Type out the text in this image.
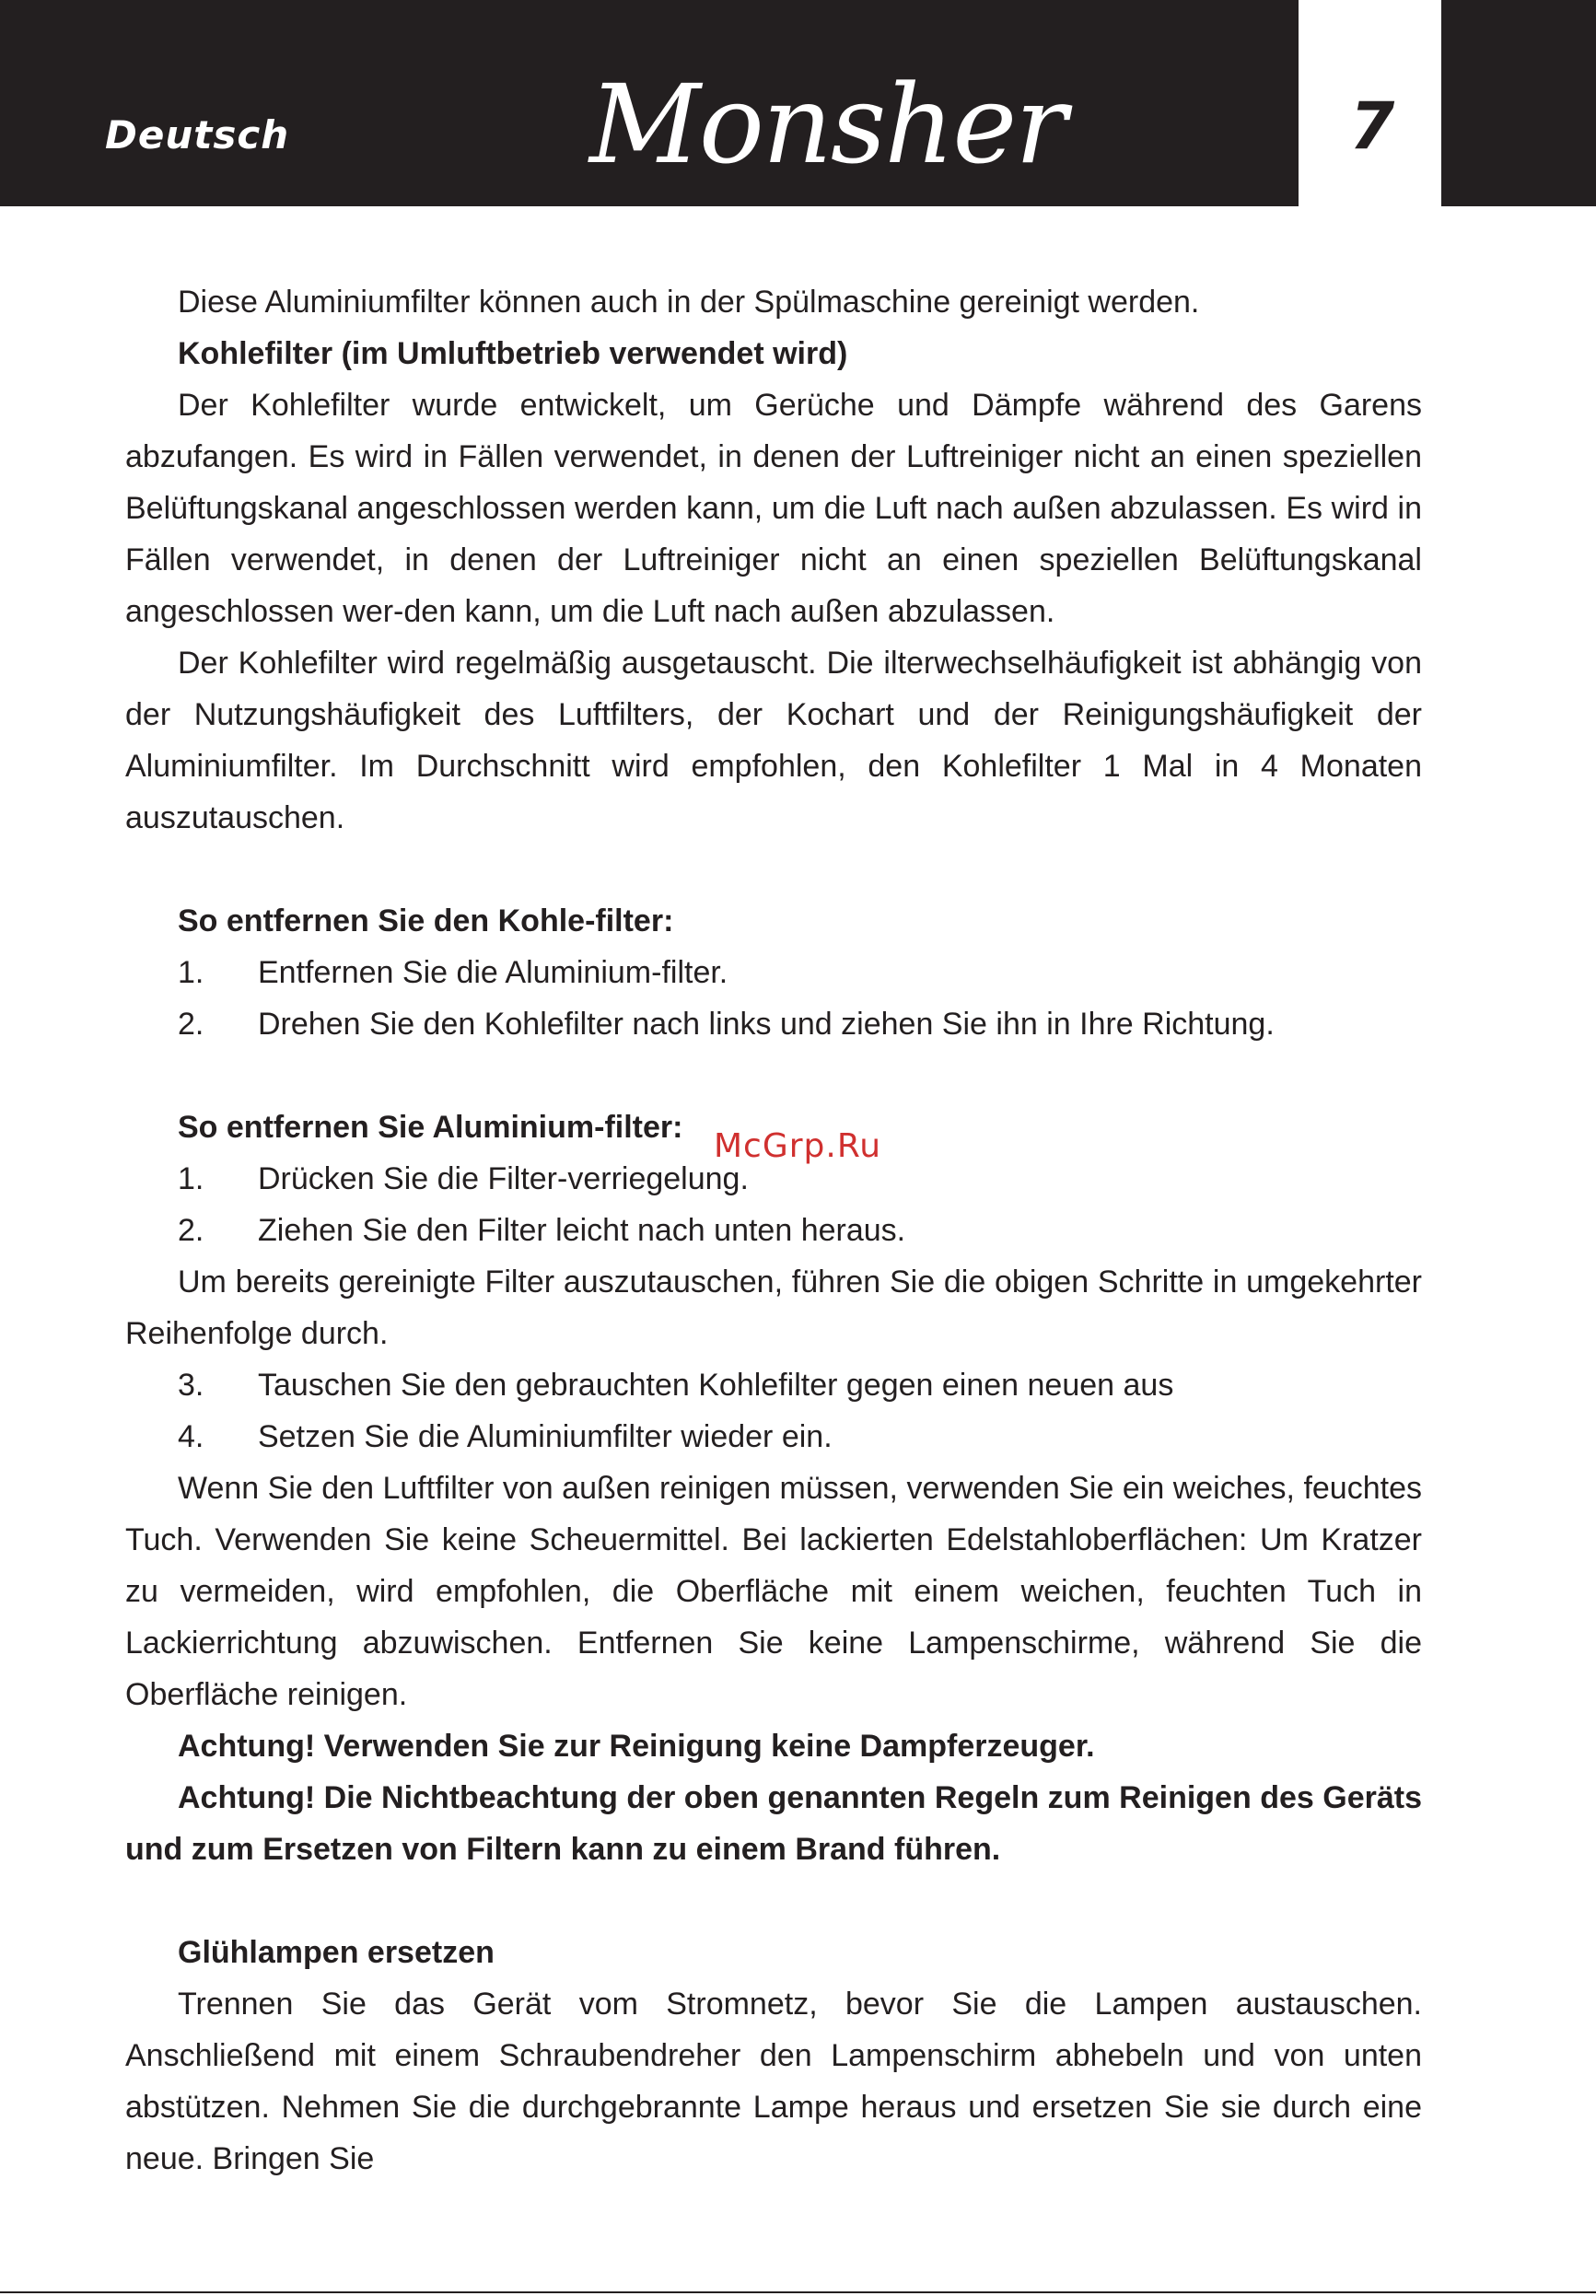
Deutsch	Monsher	7

Diese Aluminiumfilter können auch in der Spülmaschine gereinigt werden.

Kohlefilter (im Umluftbetrieb verwendet wird)

Der Kohlefilter wurde entwickelt, um Gerüche und Dämpfe während des Garens abzufangen. Es wird in Fällen verwendet, in denen der Luftreiniger nicht an einen speziellen Belüftungskanal angeschlossen werden kann, um die Luft nach außen abzulassen. Es wird in Fällen verwendet, in denen der Luftreiniger nicht an einen speziellen Belüftungskanal angeschlossen wer-den kann, um die Luft nach außen abzulassen.

Der Kohlefilter wird regelmäßig ausgetauscht. Die ilterwechselhäufigkeit ist abhängig von der Nutzungshäufigkeit des Luftfilters, der Kochart und der Reinigungshäufigkeit der Aluminiumfilter. Im Durchschnitt wird empfohlen, den Kohlefilter 1 Mal in 4 Monaten auszutauschen.

So entfernen Sie den Kohle-filter:

1.	Entfernen Sie die Aluminium-filter.
2.	Drehen Sie den Kohlefilter nach links und ziehen Sie ihn in Ihre Richtung.

So entfernen Sie Aluminium-filter:

1.	Drücken Sie die Filter-verriegelung.
2.	Ziehen Sie den Filter leicht nach unten heraus.

Um bereits gereinigte Filter auszutauschen, führen Sie die obigen Schritte in umgekehrter Reihenfolge durch.

3.	Tauschen Sie den gebrauchten Kohlefilter gegen einen neuen aus
4.	Setzen Sie die Aluminiumfilter wieder ein.

Wenn Sie den Luftfilter von außen reinigen müssen, verwenden Sie ein weiches, feuchtes Tuch. Verwenden Sie keine Scheuermittel. Bei lackierten Edelstahloberflächen: Um Kratzer zu vermeiden, wird empfohlen, die Oberfläche mit einem weichen, feuchten Tuch in Lackierrichtung abzuwischen. Entfernen Sie keine Lampenschirme, während Sie die Oberfläche reinigen.

Achtung! Verwenden Sie zur Reinigung keine Dampferzeuger.

Achtung! Die Nichtbeachtung der oben genannten Regeln zum Reinigen des Geräts und zum Ersetzen von Filtern kann zu einem Brand führen.

Glühlampen ersetzen

Trennen Sie das Gerät vom Stromnetz, bevor Sie die Lampen austauschen. Anschließend mit einem Schraubendreher den Lampenschirm abhebeln und von unten abstützen. Nehmen Sie die durchgebrannte Lampe heraus und ersetzen Sie sie durch eine neue. Bringen Sie

McGrp.Ru
